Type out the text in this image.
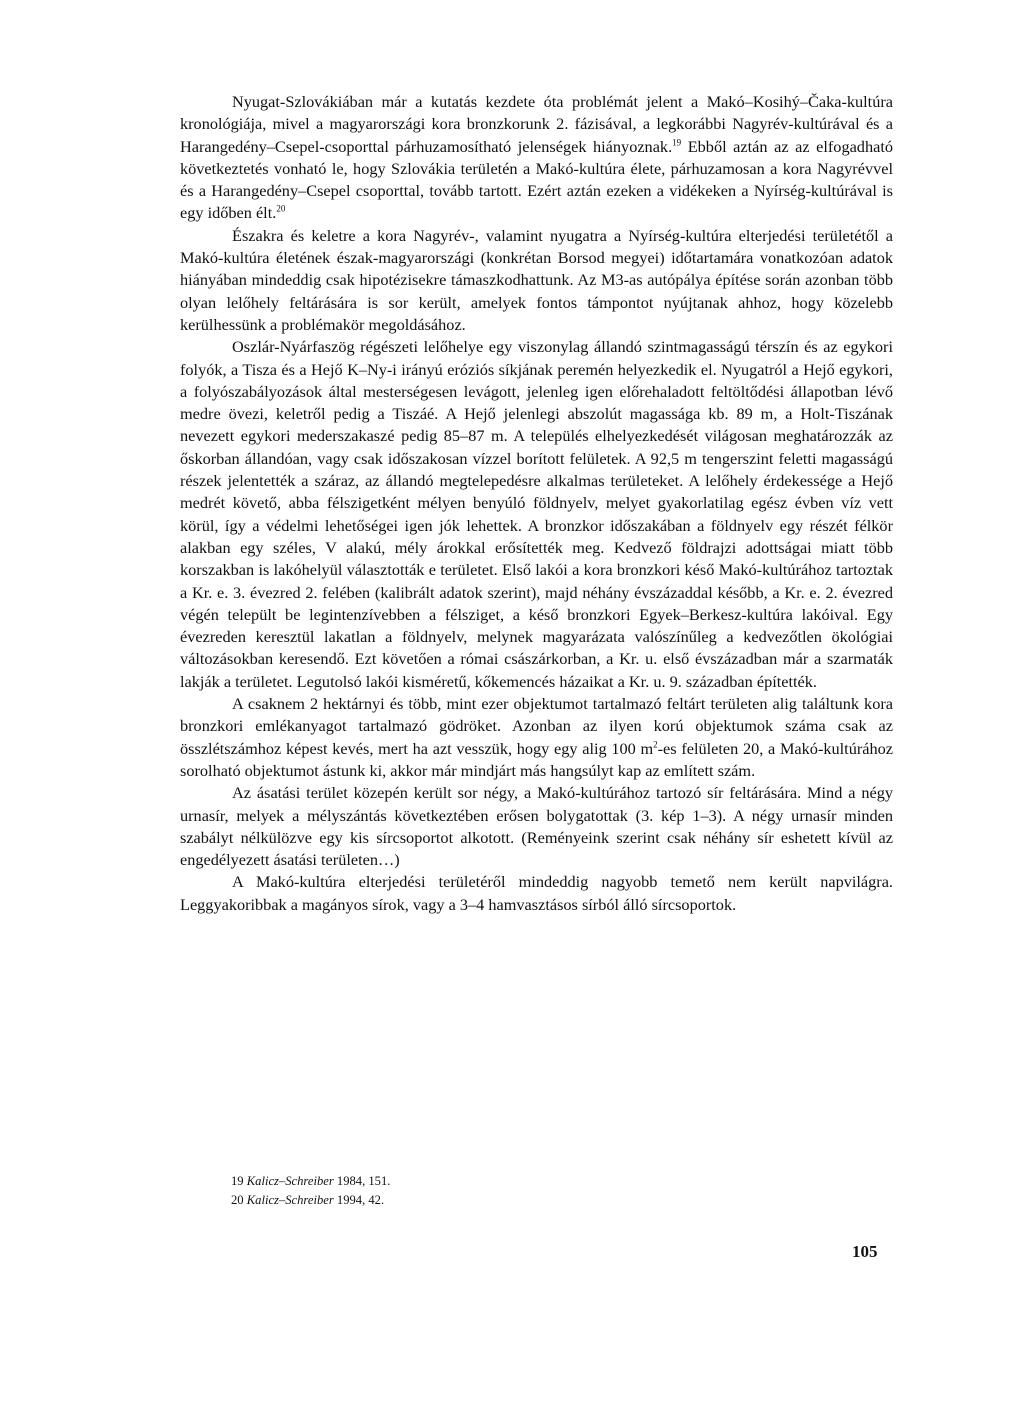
Nyugat-Szlovákiában már a kutatás kezdete óta problémát jelent a Makó–Kosihý–Čaka-kultúra kronológiája, mivel a magyarországi kora bronzkorunk 2. fázisával, a legkorábbi Nagyrév-kultúrával és a Harangedény–Csepel-csoporttal párhuzamosítható jelenségek hiányoznak.$^{19}$ Ebből aztán az az elfogadható következtetés vonható le, hogy Szlovákia területén a Makó-kultúra élete, párhuzamosan a kora Nagyrévvel és a Harangedény–Csepel csoporttal, tovább tartott. Ezért aztán ezeken a vidékeken a Nyírség-kultúrával is egy időben élt.$^{20}$

Északra és keletre a kora Nagyrév-, valamint nyugatra a Nyírség-kultúra elterjedési területétől a Makó-kultúra életének észak-magyarországi (konkrétan Borsod megyei) időtartamára vonatkozóan adatok hiányában mindeddig csak hipotézisekre támaszkodhattunk. Az M3-as autópálya építése során azonban több olyan lelőhely feltárására is sor került, amelyek fontos támpontot nyújtanak ahhoz, hogy közelebb kerülhessünk a problémakör megoldásához.

Oszlár-Nyárfaszög régészeti lelőhelye egy viszonylag állandó szintmagasságú térszín és az egykori folyók, a Tisza és a Hejő K–Ny-i irányú eróziós síkjának peremén helyezkedik el. Nyugatról a Hejő egykori, a folyószabályozások által mesterségesen levágott, jelenleg igen előrehaladott feltöltődési állapotban lévő medre övezi, keletről pedig a Tiszáé. A Hejő jelenlegi abszolút magassága kb. 89 m, a Holt-Tiszának nevezett egykori mederszakaszé pedig 85–87 m. A település elhelyezkedését világosan meghatározzák az őskorban állandóan, vagy csak időszakosan vízzel borított felületek. A 92,5 m tengerszint feletti magasságú részek jelentették a száraz, az állandó megtelepedésre alkalmas területeket. A lelőhely érdekessége a Hejő medrét követő, abba félszigetként mélyen benyúló földnyelv, melyet gyakorlatilag egész évben víz vett körül, így a védelmi lehetőségei igen jók lehettek. A bronzkor időszakában a földnyelv egy részét félkör alakban egy széles, V alakú, mély árokkal erősítették meg. Kedvező földrajzi adottságai miatt több korszakban is lakóhelyül választották e területet. Első lakói a kora bronzkori késő Makó-kultúrához tartoztak a Kr. e. 3. évezred 2. felében (kalibrált adatok szerint), majd néhány évszázaddal később, a Kr. e. 2. évezred végén települt be legintenzívebben a félsziget, a késő bronzkori Egyek–Berkesz-kultúra lakóival. Egy évezreden keresztül lakatlan a földnyelv, melynek magyarázata valószínűleg a kedvezőtlen ökológiai változásokban keresendő. Ezt követően a római császárkorban, a Kr. u. első évszázadban már a szarmaták lakják a területet. Legutolsó lakói kisméretű, kőkemencés házaikat a Kr. u. 9. században építették.

A csaknem 2 hektárnyi és több, mint ezer objektumot tartalmazó feltárt területen alig találtunk kora bronzkori emlékanyagot tartalmazó gödröket. Azonban az ilyen korú objektumok száma csak az összlétszámhoz képest kevés, mert ha azt vesszük, hogy egy alig 100 $m^2-es$ felületen 20, a Makó-kultúrához sorolható objektumot ástunk ki, akkor már mindjárt más hangsúlyt kap az említett szám.

Az ásatási terület közepén került sor négy, a Makó-kultúrához tartozó sír feltárására. Mind a négy urnasír, melyek a mélyszántás következtében erősen bolygatottak (3. kép 1–3). A négy urnasír minden szabályt nélkülözve egy kis sírcsoportot alkotott. (Reményeink szerint csak néhány sír eshetett kívül az engedélyezett ásatási területen…)

A Makó-kultúra elterjedési területéről mindeddig nagyobb temető nem került napvilágra. Leggyakoribbak a magányos sírok, vagy a 3–4 hamvasztásos sírból álló sírcsoportok.

19 Kalicz–Schreiber 1984, 151.
20 Kalicz–Schreiber 1994, 42.
105
